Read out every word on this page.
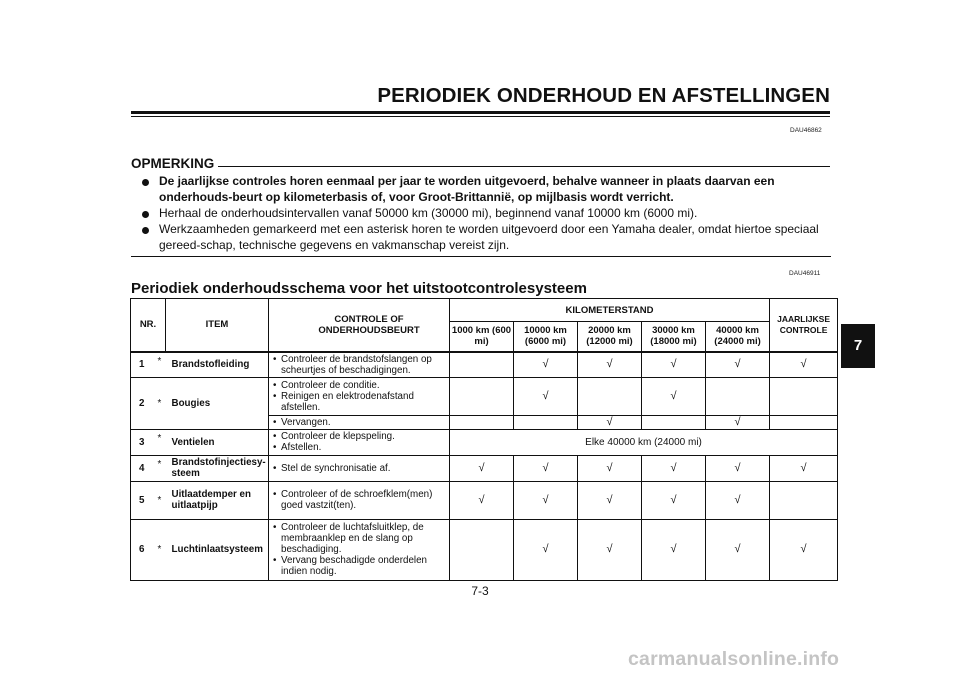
PERIODIEK ONDERHOUD EN AFSTELLINGEN
DAU46862
OPMERKING
De jaarlijkse controles horen eenmaal per jaar te worden uitgevoerd, behalve wanneer in plaats daarvan een onderhouds-beurt op kilometerbasis of, voor Groot-Brittannië, op mijlbasis wordt verricht.
Herhaal de onderhoudsintervallen vanaf 50000 km (30000 mi), beginnend vanaf 10000 km (6000 mi).
Werkzaamheden gemarkeerd met een asterisk horen te worden uitgevoerd door een Yamaha dealer, omdat hiertoe speciaal gereed-schap, technische gegevens en vakmanschap vereist zijn.
DAU46911
Periodiek onderhoudsschema voor het uitstootcontrolesysteem
NR.		ITEM	CONTROLE OF ONDERHOUDSBEURT	KILOMETERSTAND					JAARLIJKSE CONTROLE
				1000 km (600 mi)	10000 km (6000 mi)	20000 km (12000 mi)	30000 km (18000 mi)	40000 km (24000 mi)	
1	*	Brandstofleiding	• Controleer de brandstofslangen op scheurtjes of beschadigingen.		√	√	√	√	√
2	*	Bougies	• Controleer de conditie.
• Reinigen en elektrodenafstand afstellen.		√		√		

			• Vervangen.			√		√	
3	*	Ventielen	• Controleer de klepspeling.
• Afstellen.	Elke 40000 km (24000 mi)					
4	*	Brandstofinjectiesy-steem	• Stel de synchronisatie af.	√	√	√	√	√	√
5	*	Uitlaatdemper en uitlaatpijp	• Controleer of de schroefklem(men) goed vastzit(ten).	√	√	√	√	√	
6	*	Luchtinlaatsysteem	• Controleer de luchtafsluitklep, de membraanklep en de slang op beschadiging.
• Vervang beschadigde onderdelen indien nodig.		√	√	√	√	√
7
7-3
carmanualsonline.info
